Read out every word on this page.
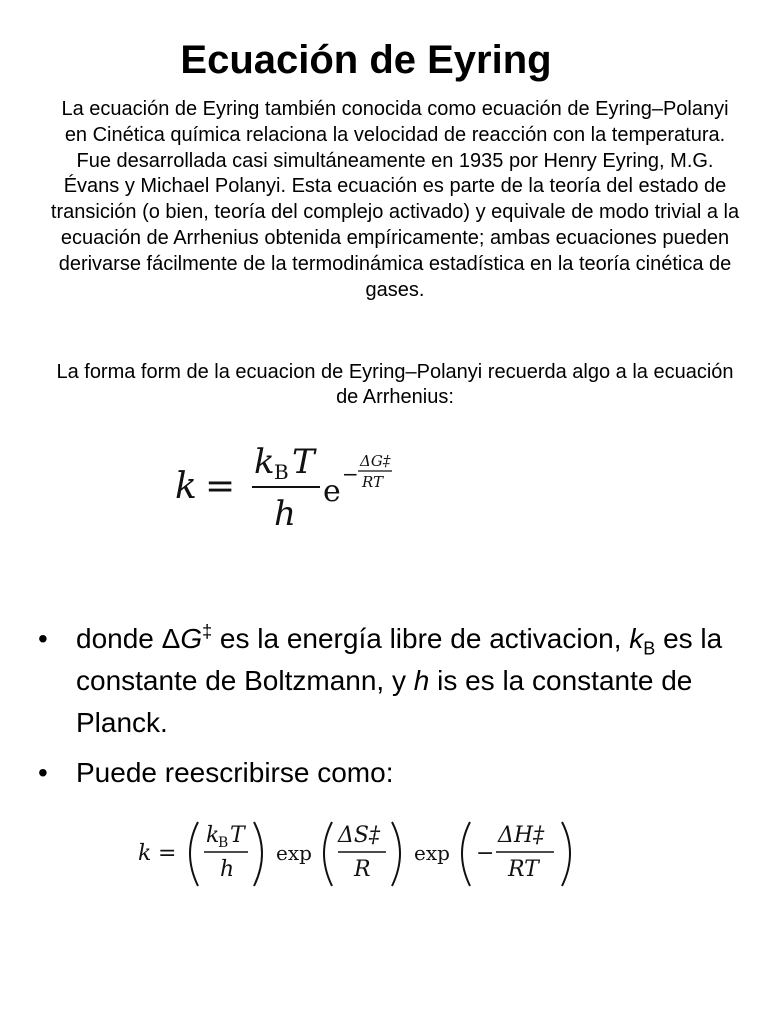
Ecuación de Eyring

La ecuación de Eyring también conocida como ecuación de Eyring–Polanyi en Cinética química relaciona la velocidad de reacción con la temperatura. Fue desarrollada casi simultáneamente en 1935 por Henry Eyring, M.G. Évans y Michael Polanyi. Esta ecuación es parte de la teoría del estado de transición (o bien, teoría del complejo activado) y equivale de modo trivial a la ecuación de Arrhenius obtenida empíricamente; ambas ecuaciones pueden derivarse fácilmente de la termodinámica estadística en la teoría cinética de gases.

La forma form de la ecuacion de Eyring–Polanyi recuerda algo a la ecuación de Arrhenius:

k =
k B T
h
e −
ΔG‡
RT
• donde ΔG‡ es la energía libre de activacion, $k_B$ es la constante de Boltzmann, y h is es la constante de Planck.
• Puede reescribirse como:
k =
k
B T
h
exp
ΔS‡
R
exp −
ΔH‡
RT
